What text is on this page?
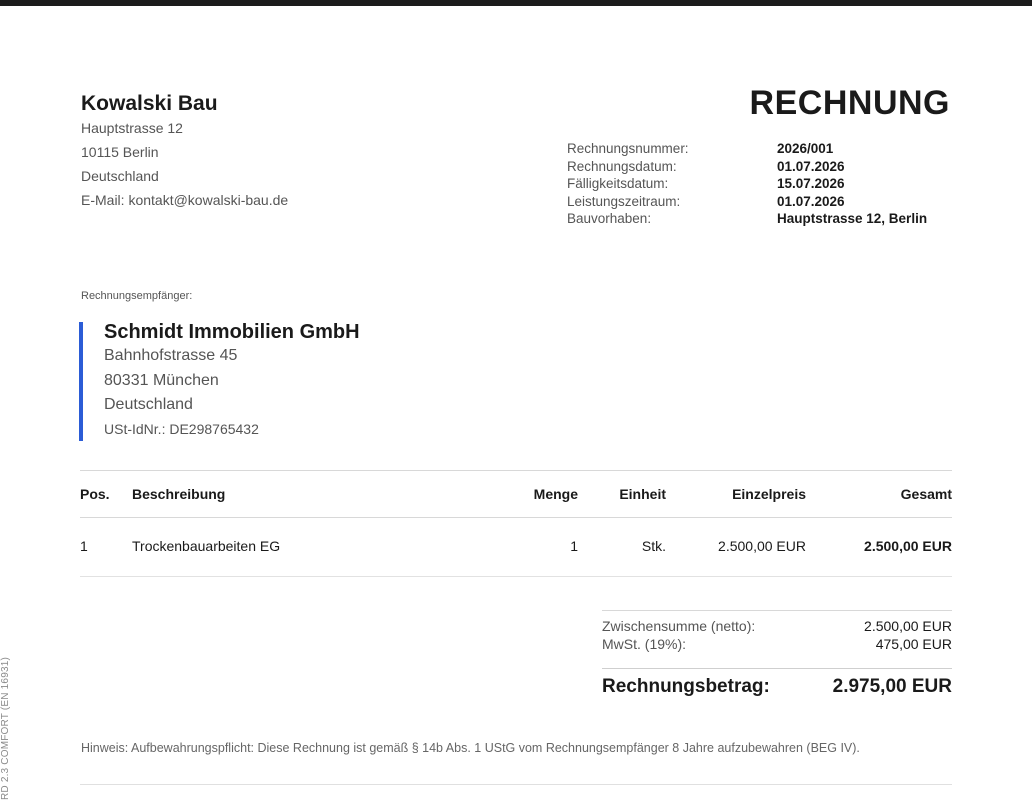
RD 2.3 COMFORT (EN 16931)
Kowalski Bau
Hauptstrasse 12
10115 Berlin
Deutschland
E-Mail: kontakt@kowalski-bau.de
RECHNUNG
Rechnungsnummer:	2026/001
Rechnungsdatum:	01.07.2026
Fälligkeitsdatum:	15.07.2026
Leistungszeitraum:	01.07.2026
Bauvorhaben:	Hauptstrasse 12, Berlin
Rechnungsempfänger:
Schmidt Immobilien GmbH
Bahnhofstrasse 45
80331 München
Deutschland
USt-IdNr.: DE298765432
Pos. Beschreibung	Menge	Einheit	Einzelpreis	Gesamt
1	Trockenbauarbeiten EG	1	Stk.	2.500,00 EUR	2.500,00 EUR
Zwischensumme (netto):	2.500,00 EUR
MwSt. (19%):	475,00 EUR
Rechnungsbetrag:	2.975,00 EUR
Hinweis: Aufbewahrungspflicht: Diese Rechnung ist gemäß § 14b Abs. 1 UStG vom Rechnungsempfänger 8 Jahre aufzubewahren (BEG IV).
